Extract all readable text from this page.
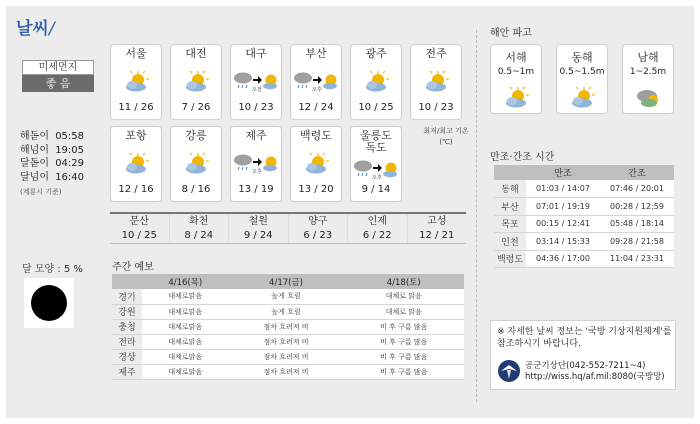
날씨/
미세먼지
좋 음
해돋이 05:58
해넘이 19:05
달돋이 04:29
달넘이 16:40
(계룡시 기준)
달 모양 : 5 %
서울
11 / 26
대전
7 / 26
대구
오전
10 / 23
부산
오후
12 / 24
광주
10 / 25
전주
10 / 23
포항
12 / 16
강릉
8 / 16
제주
오후
13 / 19
백령도
13 / 20
울릉도
독도
오후
9 / 14
최저/최고 기온
(℃)
문산
10 / 25
화천
8 / 24
철원
9 / 24
양구
6 / 23
인제
6 / 22
고성
12 / 21
주간 예보
	4/16(목)	4/17(금)	4/18(토)
경기	대체로맑음	높게 흐림	대체로 맑음
강원	대체로맑음	높게 흐림	대체로 맑음
충청	대체로맑음	점차 흐려져 비	비 후 구름 많음
전라	대체로맑음	점차 흐려져 비	비 후 구름 많음
경상	대체로맑음	점차 흐려져 비	비 후 구름 많음
제주	대체로맑음	점차 흐려져 비	비 후 구름 많음
해안 파고
서해
0.5~1m
동해
0.5~1.5m
남해
1~2.5m
만조·간조 시간
	만조	간조
동해	01:03 / 14:07	07:46 / 20:01
부산	07:01 / 19:19	00:28 / 12:59
목포	00:15 / 12:41	05:48 / 18:14
인천	03:14 / 15:33	09:28 / 21:58
백령도	04:36 / 17:00	11:04 / 23:31
※ 자세한 날씨 정보는 '국방 기상지원체계'를 참조하시기 바랍니다.
공군기상단(042-552-7211~4)
http://wiss.hq/af.mil:8080(국방망)
